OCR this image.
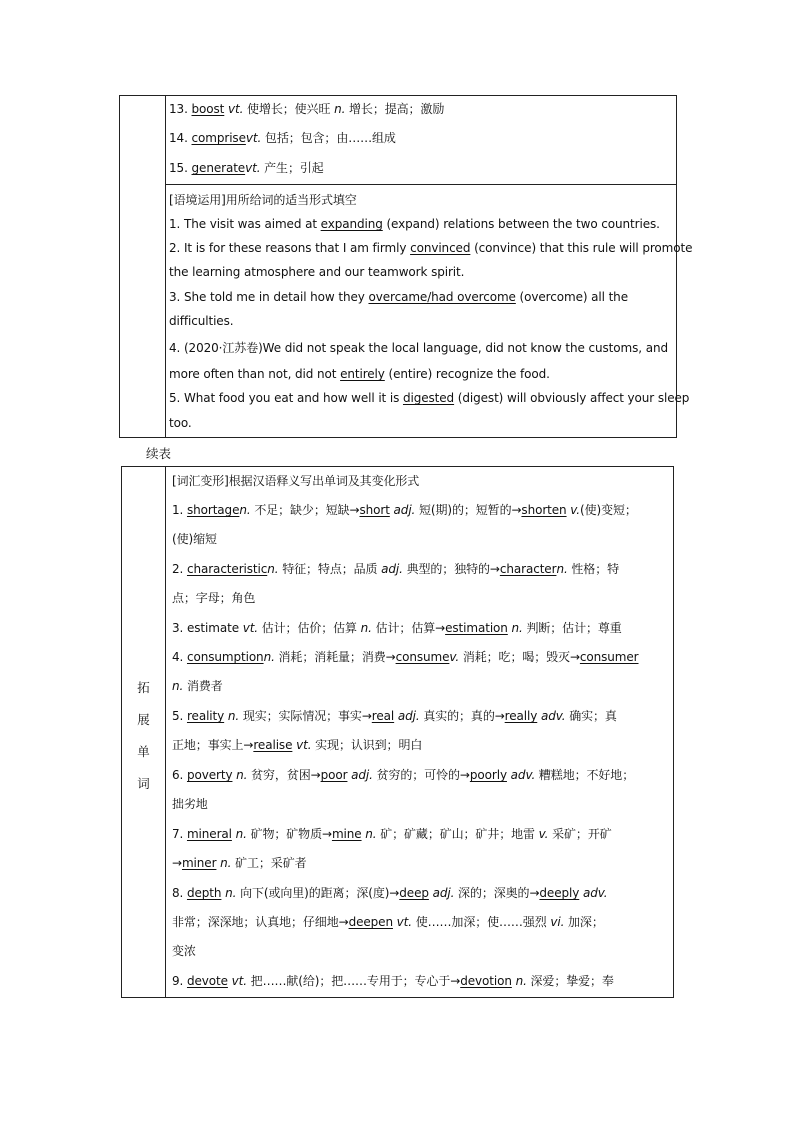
13. boost vt. 使增长；使兴旺 n. 增长；提高；激励
14. comprisevt. 包括；包含；由……组成
15. generatevt. 产生；引起
[语境运用]用所给词的适当形式填空
1. The visit was aimed at expanding (expand) relations between the two countries.
2. It is for these reasons that I am firmly convinced (convince) that this rule will promote
the learning atmosphere and our teamwork spirit.
3. She told me in detail how they overcame/had overcome (overcome) all the
difficulties.
4. (2020·江苏卷)We did not speak the local language, did not know the customs, and
more often than not, did not entirely (entire) recognize the food.
5. What food you eat and how well it is digested (digest) will obviously affect your sleep
too.
续表
拓
展
单
词
[词汇变形]根据汉语释义写出单词及其变化形式
1. shortagen. 不足；缺少；短缺→short adj. 短(期)的；短暂的→shorten v.(使)变短；
(使)缩短
2. characteristicn. 特征；特点；品质 adj. 典型的；独特的→charactern. 性格；特
点；字母；角色
3. estimate vt. 估计；估价；估算 n. 估计；估算→estimation n. 判断；估计；尊重
4. consumptionn. 消耗；消耗量；消费→consumev. 消耗；吃；喝；毁灭→consumer
n. 消费者
5. reality n. 现实；实际情况；事实→real adj. 真实的；真的→really adv. 确实；真
正地；事实上→realise vt. 实现；认识到；明白
6. poverty n. 贫穷，贫困→poor adj. 贫穷的；可怜的→poorly adv. 糟糕地；不好地；
拙劣地
7. mineral n. 矿物；矿物质→mine n. 矿；矿藏；矿山；矿井；地雷 v. 采矿；开矿
→miner n. 矿工；采矿者
8. depth n. 向下(或向里)的距离；深(度)→deep adj. 深的；深奥的→deeply adv.
非常；深深地；认真地；仔细地→deepen vt. 使……加深；使……强烈 vi. 加深；
变浓
9. devote vt. 把……献(给)；把……专用于；专心于→devotion n. 深爱；挚爱；奉
